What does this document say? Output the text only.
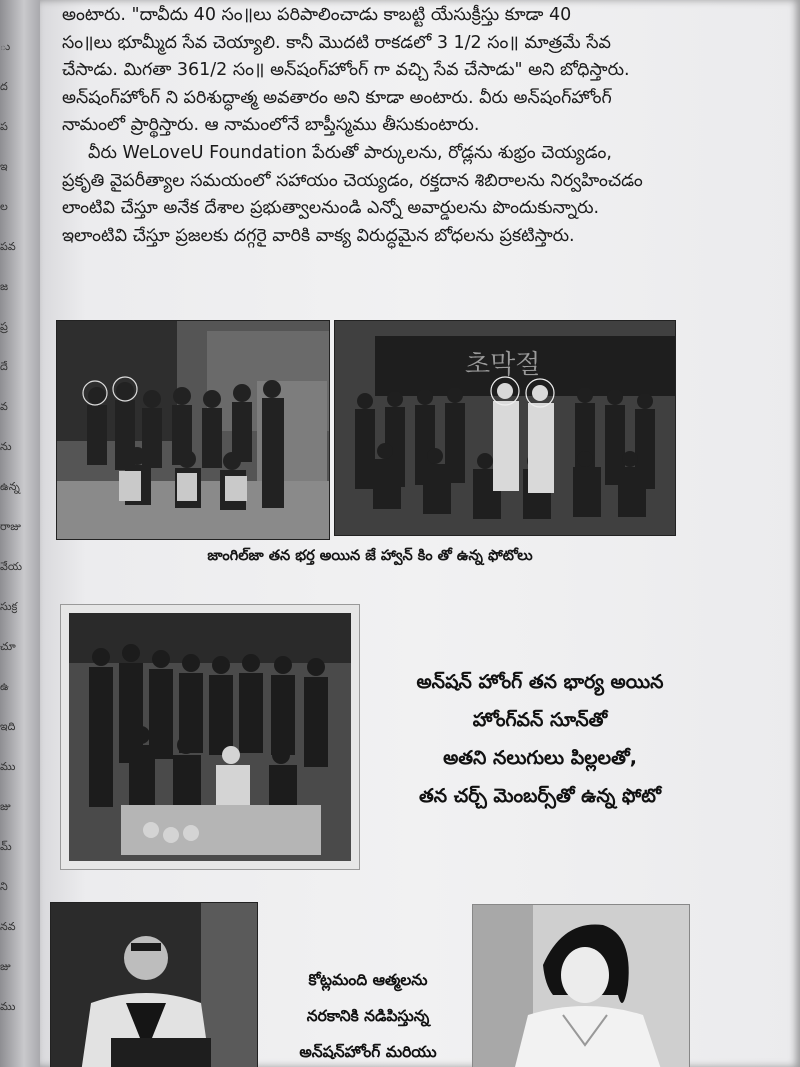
ు
ద
ప
ఇ
ల
పవ
జ
ప్ర
దే
వ
ను
ఉన్న
రాజు
వేయ
సుక్ర
చూ
ఉ
ఇది
ము
జు
మ్
ని
నవ
జు
ము
అంటారు. "దావీదు 40 సం॥లు పరిపాలించాడు కాబట్టి యేసుక్రీస్తు కూడా 40
సం॥లు భూమ్మీద సేవ చెయ్యాలి. కానీ మొదటి రాకడలో 3 1/2 సం॥ మాత్రమే సేవ
చేసాడు. మిగతా 361/2 సం॥ అన్‌షంగ్‌హోంగ్ గా వచ్చి సేవ చేసాడు" అని బోధిస్తారు.
అన్‌షంగ్‌హోంగ్ ని పరిశుద్ధాత్మ అవతారం అని కూడా అంటారు. వీరు అన్‌షంగ్‌హోంగ్
నామంలో ప్రార్థిస్తారు. ఆ నామంలోనే బాప్తీస్మము తీసుకుంటారు.
వీరు WeLoveU Foundation పేరుతో పార్కులను, రోడ్లను శుభ్రం చెయ్యడం,
ప్రకృతి వైపరీత్యాల సమయంలో సహాయం చెయ్యడం, రక్తదాన శిబిరాలను నిర్వహించడం
లాంటివి చేస్తూ అనేక దేశాల ప్రభుత్వాలనుండి ఎన్నో అవార్డులను పొందుకున్నారు.
ఇలాంటివి చేస్తూ ప్రజలకు దగ్గరై వారికి వాక్య విరుద్ధమైన బోధలను ప్రకటిస్తారు.
초막절
జాంగిల్‌జా తన భర్త అయిన జే హ్వాన్ కిం తో ఉన్న ఫోటోలు
అన్‌షన్ హోంగ్ తన భార్య అయిన
హోంగ్‌వన్ సూన్‌తో
అతని నలుగులు పిల్లలతో,
తన చర్చ్ మెంబర్స్‌తో ఉన్న ఫోటో
కోట్లమంది ఆత్మలను
నరకానికి నడిపిస్తున్న
అన్‌షన్‌హోంగ్ మరియు
